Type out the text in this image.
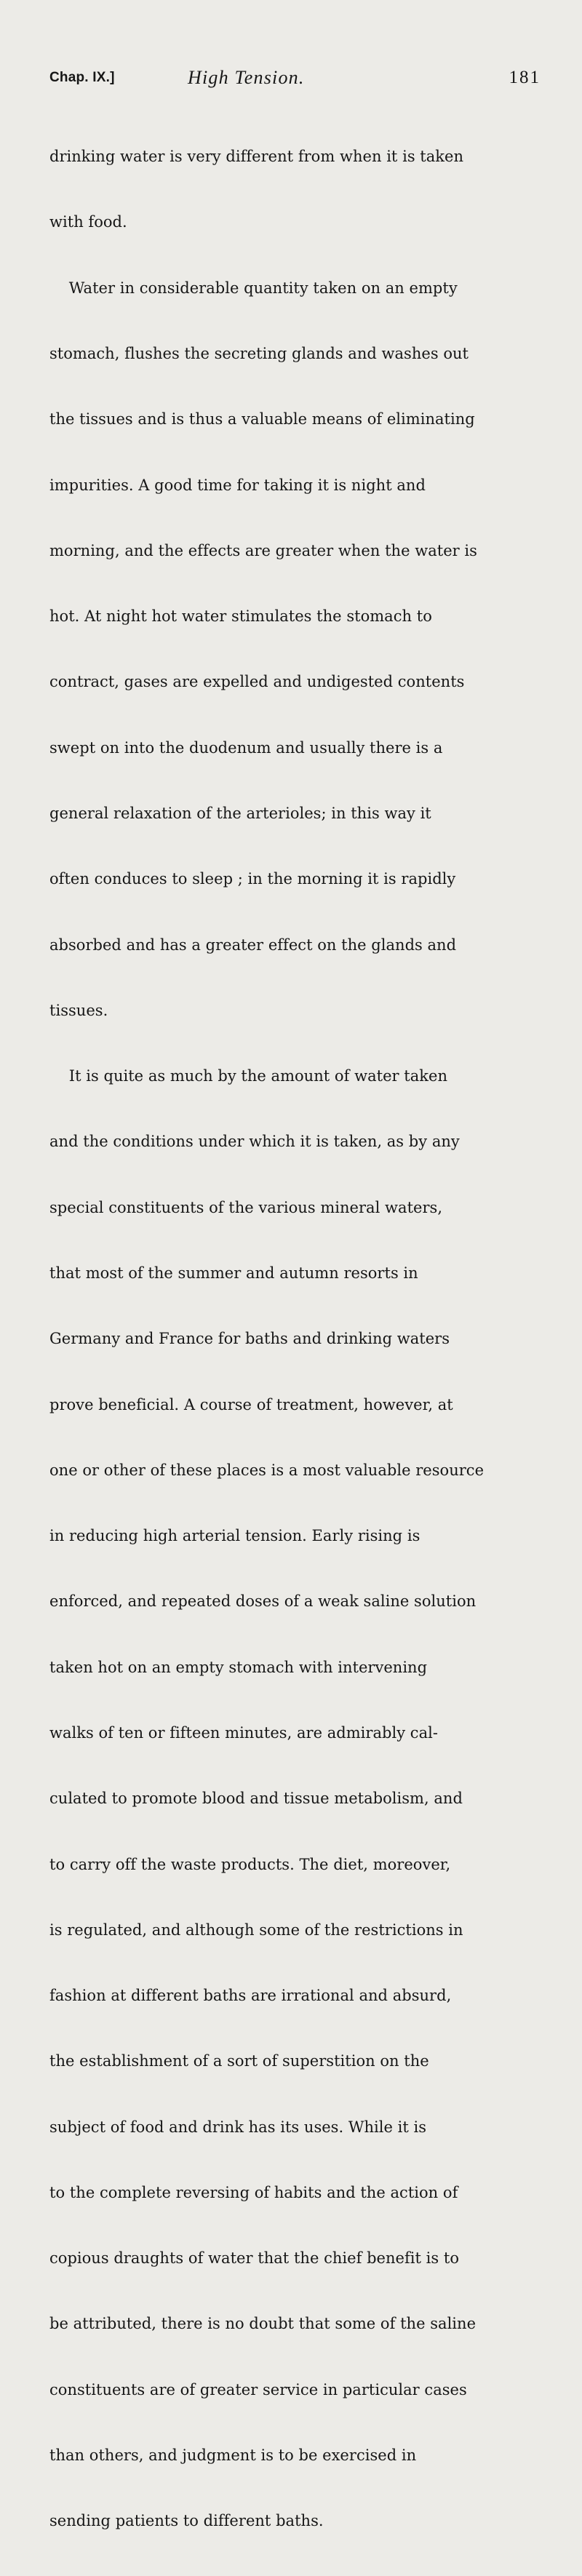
Chap. IX.]	High Tension.	181

drinking water is very different from when it is taken

with food.

Water in considerable quantity taken on an empty

stomach, flushes the secreting glands and washes out

the tissues and is thus a valuable means of eliminating

impurities. A good time for taking it is night and

morning, and the effects are greater when the water is

hot. At night hot water stimulates the stomach to

contract, gases are expelled and undigested contents

swept on into the duodenum and usually there is a

general relaxation of the arterioles; in this way it

often conduces to sleep ; in the morning it is rapidly

absorbed and has a greater effect on the glands and

tissues.

It is quite as much by the amount of water taken

and the conditions under which it is taken, as by any

special constituents of the various mineral waters,

that most of the summer and autumn resorts in

Germany and France for baths and drinking waters

prove beneficial. A course of treatment, however, at

one or other of these places is a most valuable resource

in reducing high arterial tension. Early rising is

enforced, and repeated doses of a weak saline solution

taken hot on an empty stomach with intervening

walks of ten or fifteen minutes, are admirably cal-

culated to promote blood and tissue metabolism, and

to carry off the waste products. The diet, moreover,

is regulated, and although some of the restrictions in

fashion at different baths are irrational and absurd,

the establishment of a sort of superstition on the

subject of food and drink has its uses. While it is

to the complete reversing of habits and the action of

copious draughts of water that the chief benefit is to

be attributed, there is no doubt that some of the saline

constituents are of greater service in particular cases

than others, and judgment is to be exercised in

sending patients to different baths.
